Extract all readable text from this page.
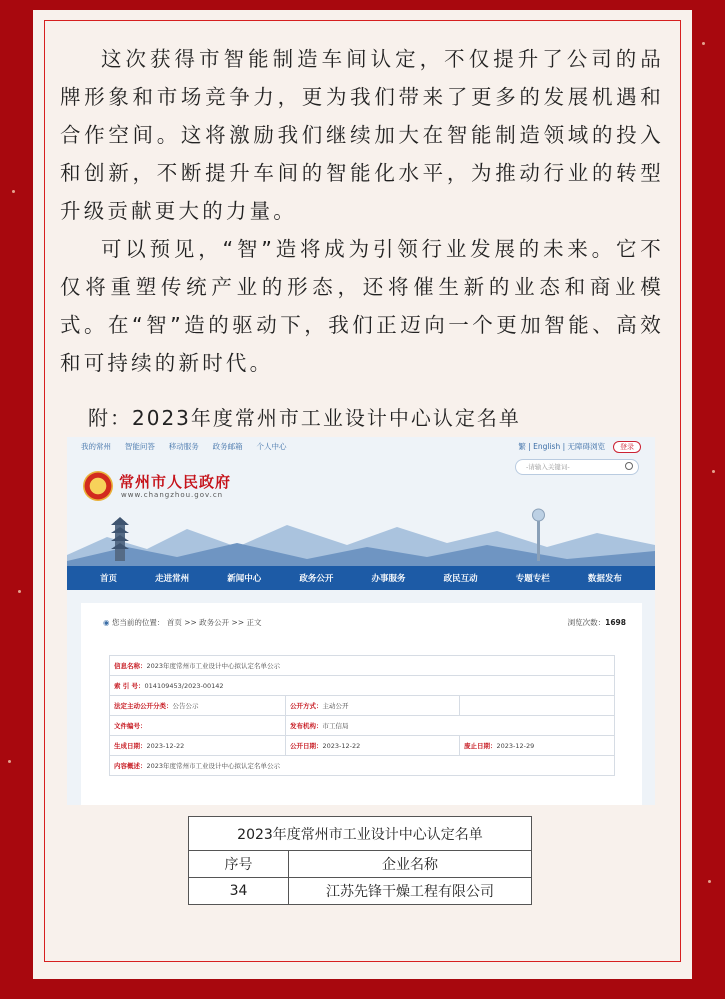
这次获得市智能制造车间认定，不仅提升了公司的品牌形象和市场竞争力，更为我们带来了更多的发展机遇和合作空间。这将激励我们继续加大在智能制造领域的投入和创新，不断提升车间的智能化水平，为推动行业的转型升级贡献更大的力量。

可以预见，“智”造将成为引领行业发展的未来。它不仅将重塑传统产业的形态，还将催生新的业态和商业模式。在“智”造的驱动下，我们正迈向一个更加智能、高效和可持续的新时代。

附：2023年度常州市工业设计中心认定名单
我的常州 　智能问答 　移动服务 　政务邮箱 　个人中心	繁 | English | 无障碍浏览	登录
-请输入关键词-
常州市人民政府
www.changzhou.gov.cn
首页	走进常州	新闻中心	政务公开	办事服务	政民互动	专题专栏	数据发布
◉ 您当前的位置： 首页 >> 政务公开 >> 正文	浏览次数：1698
信息名称：2023年度常州市工业设计中心拟认定名单公示		
索 引 号：014109453/2023-00142		
法定主动公开分类：公告公示	公开方式：主动公开	
文件编号：	发布机构：市工信局	
生成日期：2023-12-22	公开日期：2023-12-22	废止日期：2023-12-29
内容概述：2023年度常州市工业设计中心拟认定名单公示		
2023年度常州市工业设计中心认定名单	
序号	企业名称
34	江苏先锋干燥工程有限公司
